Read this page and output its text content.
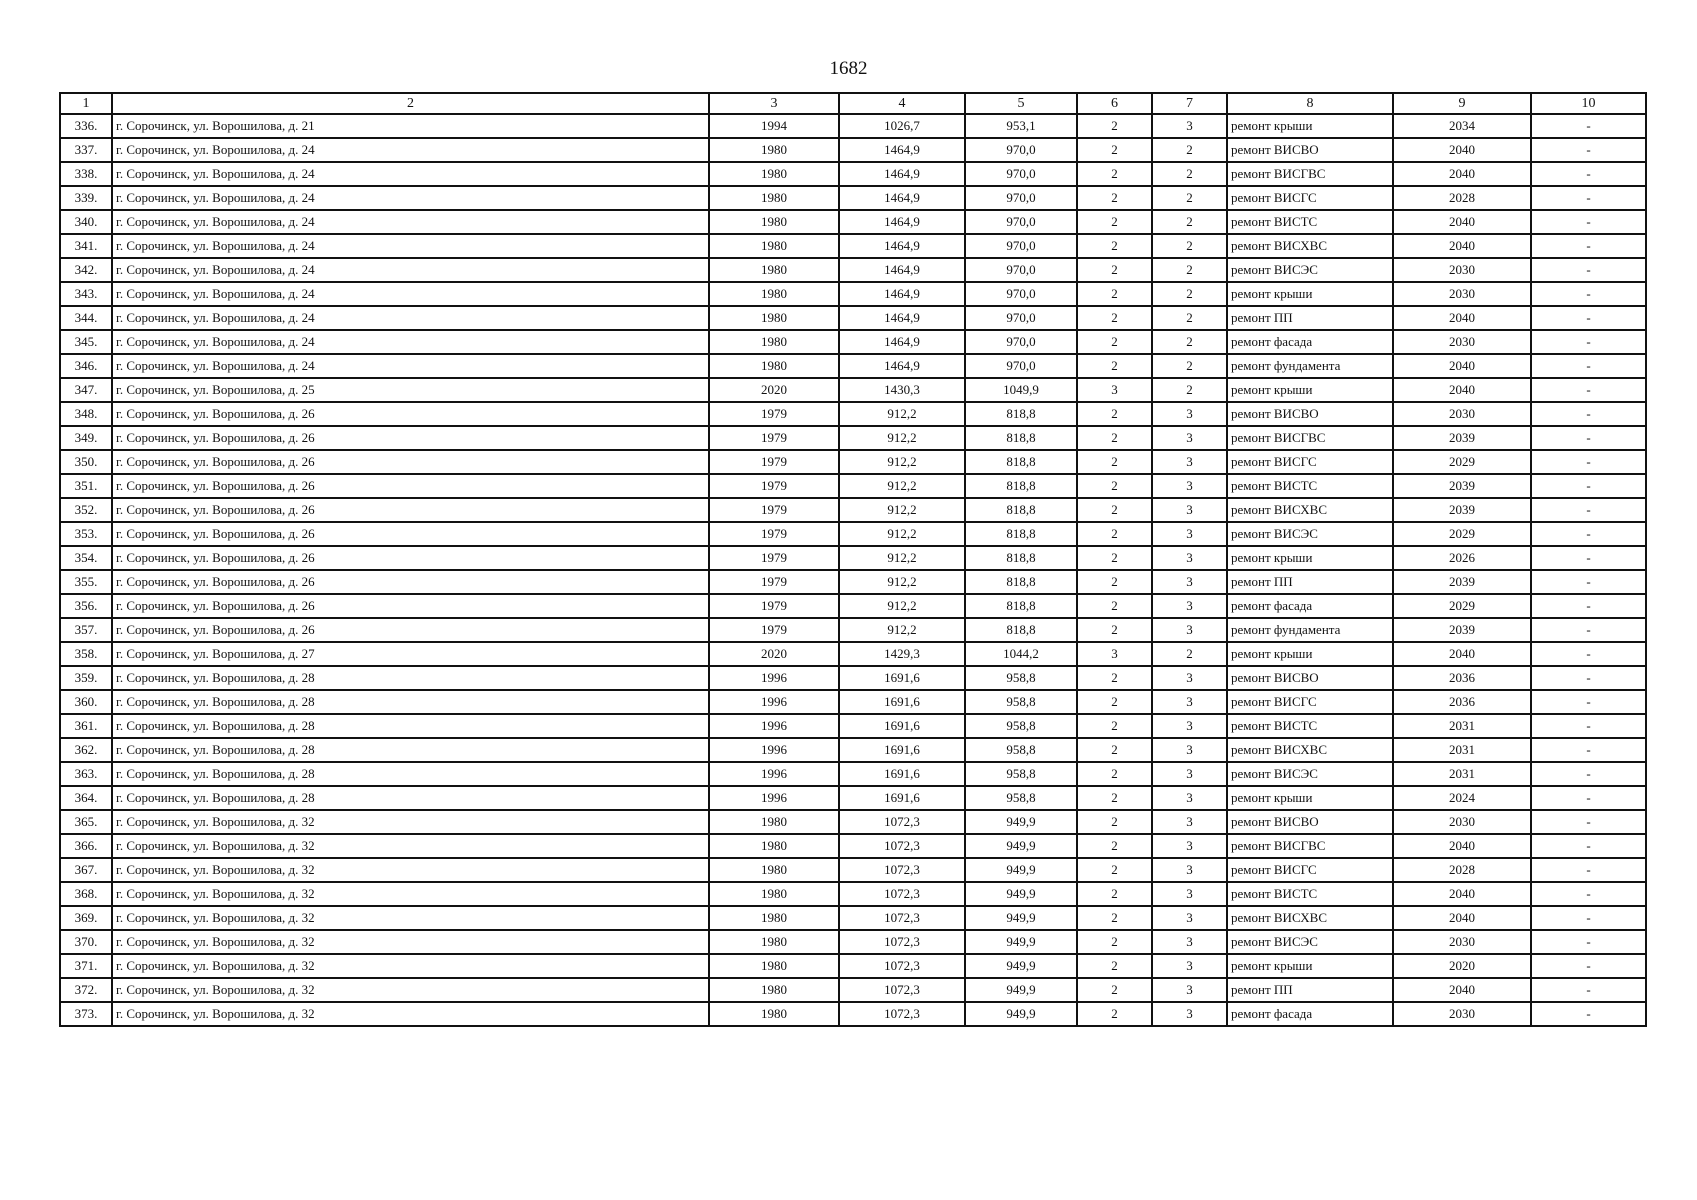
1682
1	2	3	4	5	6	7	8	9	10
336.	г. Сорочинск, ул. Ворошилова, д. 21	1994	1026,7	953,1	2	3	ремонт крыши	2034	-
337.	г. Сорочинск, ул. Ворошилова, д. 24	1980	1464,9	970,0	2	2	ремонт ВИСВО	2040	-
338.	г. Сорочинск, ул. Ворошилова, д. 24	1980	1464,9	970,0	2	2	ремонт ВИСГВС	2040	-
339.	г. Сорочинск, ул. Ворошилова, д. 24	1980	1464,9	970,0	2	2	ремонт ВИСГС	2028	-
340.	г. Сорочинск, ул. Ворошилова, д. 24	1980	1464,9	970,0	2	2	ремонт ВИСТС	2040	-
341.	г. Сорочинск, ул. Ворошилова, д. 24	1980	1464,9	970,0	2	2	ремонт ВИСХВС	2040	-
342.	г. Сорочинск, ул. Ворошилова, д. 24	1980	1464,9	970,0	2	2	ремонт ВИСЭС	2030	-
343.	г. Сорочинск, ул. Ворошилова, д. 24	1980	1464,9	970,0	2	2	ремонт крыши	2030	-
344.	г. Сорочинск, ул. Ворошилова, д. 24	1980	1464,9	970,0	2	2	ремонт ПП	2040	-
345.	г. Сорочинск, ул. Ворошилова, д. 24	1980	1464,9	970,0	2	2	ремонт фасада	2030	-
346.	г. Сорочинск, ул. Ворошилова, д. 24	1980	1464,9	970,0	2	2	ремонт фундамента	2040	-
347.	г. Сорочинск, ул. Ворошилова, д. 25	2020	1430,3	1049,9	3	2	ремонт крыши	2040	-
348.	г. Сорочинск, ул. Ворошилова, д. 26	1979	912,2	818,8	2	3	ремонт ВИСВО	2030	-
349.	г. Сорочинск, ул. Ворошилова, д. 26	1979	912,2	818,8	2	3	ремонт ВИСГВС	2039	-
350.	г. Сорочинск, ул. Ворошилова, д. 26	1979	912,2	818,8	2	3	ремонт ВИСГС	2029	-
351.	г. Сорочинск, ул. Ворошилова, д. 26	1979	912,2	818,8	2	3	ремонт ВИСТС	2039	-
352.	г. Сорочинск, ул. Ворошилова, д. 26	1979	912,2	818,8	2	3	ремонт ВИСХВС	2039	-
353.	г. Сорочинск, ул. Ворошилова, д. 26	1979	912,2	818,8	2	3	ремонт ВИСЭС	2029	-
354.	г. Сорочинск, ул. Ворошилова, д. 26	1979	912,2	818,8	2	3	ремонт крыши	2026	-
355.	г. Сорочинск, ул. Ворошилова, д. 26	1979	912,2	818,8	2	3	ремонт ПП	2039	-
356.	г. Сорочинск, ул. Ворошилова, д. 26	1979	912,2	818,8	2	3	ремонт фасада	2029	-
357.	г. Сорочинск, ул. Ворошилова, д. 26	1979	912,2	818,8	2	3	ремонт фундамента	2039	-
358.	г. Сорочинск, ул. Ворошилова, д. 27	2020	1429,3	1044,2	3	2	ремонт крыши	2040	-
359.	г. Сорочинск, ул. Ворошилова, д. 28	1996	1691,6	958,8	2	3	ремонт ВИСВО	2036	-
360.	г. Сорочинск, ул. Ворошилова, д. 28	1996	1691,6	958,8	2	3	ремонт ВИСГС	2036	-
361.	г. Сорочинск, ул. Ворошилова, д. 28	1996	1691,6	958,8	2	3	ремонт ВИСТС	2031	-
362.	г. Сорочинск, ул. Ворошилова, д. 28	1996	1691,6	958,8	2	3	ремонт ВИСХВС	2031	-
363.	г. Сорочинск, ул. Ворошилова, д. 28	1996	1691,6	958,8	2	3	ремонт ВИСЭС	2031	-
364.	г. Сорочинск, ул. Ворошилова, д. 28	1996	1691,6	958,8	2	3	ремонт крыши	2024	-
365.	г. Сорочинск, ул. Ворошилова, д. 32	1980	1072,3	949,9	2	3	ремонт ВИСВО	2030	-
366.	г. Сорочинск, ул. Ворошилова, д. 32	1980	1072,3	949,9	2	3	ремонт ВИСГВС	2040	-
367.	г. Сорочинск, ул. Ворошилова, д. 32	1980	1072,3	949,9	2	3	ремонт ВИСГС	2028	-
368.	г. Сорочинск, ул. Ворошилова, д. 32	1980	1072,3	949,9	2	3	ремонт ВИСТС	2040	-
369.	г. Сорочинск, ул. Ворошилова, д. 32	1980	1072,3	949,9	2	3	ремонт ВИСХВС	2040	-
370.	г. Сорочинск, ул. Ворошилова, д. 32	1980	1072,3	949,9	2	3	ремонт ВИСЭС	2030	-
371.	г. Сорочинск, ул. Ворошилова, д. 32	1980	1072,3	949,9	2	3	ремонт крыши	2020	-
372.	г. Сорочинск, ул. Ворошилова, д. 32	1980	1072,3	949,9	2	3	ремонт ПП	2040	-
373.	г. Сорочинск, ул. Ворошилова, д. 32	1980	1072,3	949,9	2	3	ремонт фасада	2030	-
